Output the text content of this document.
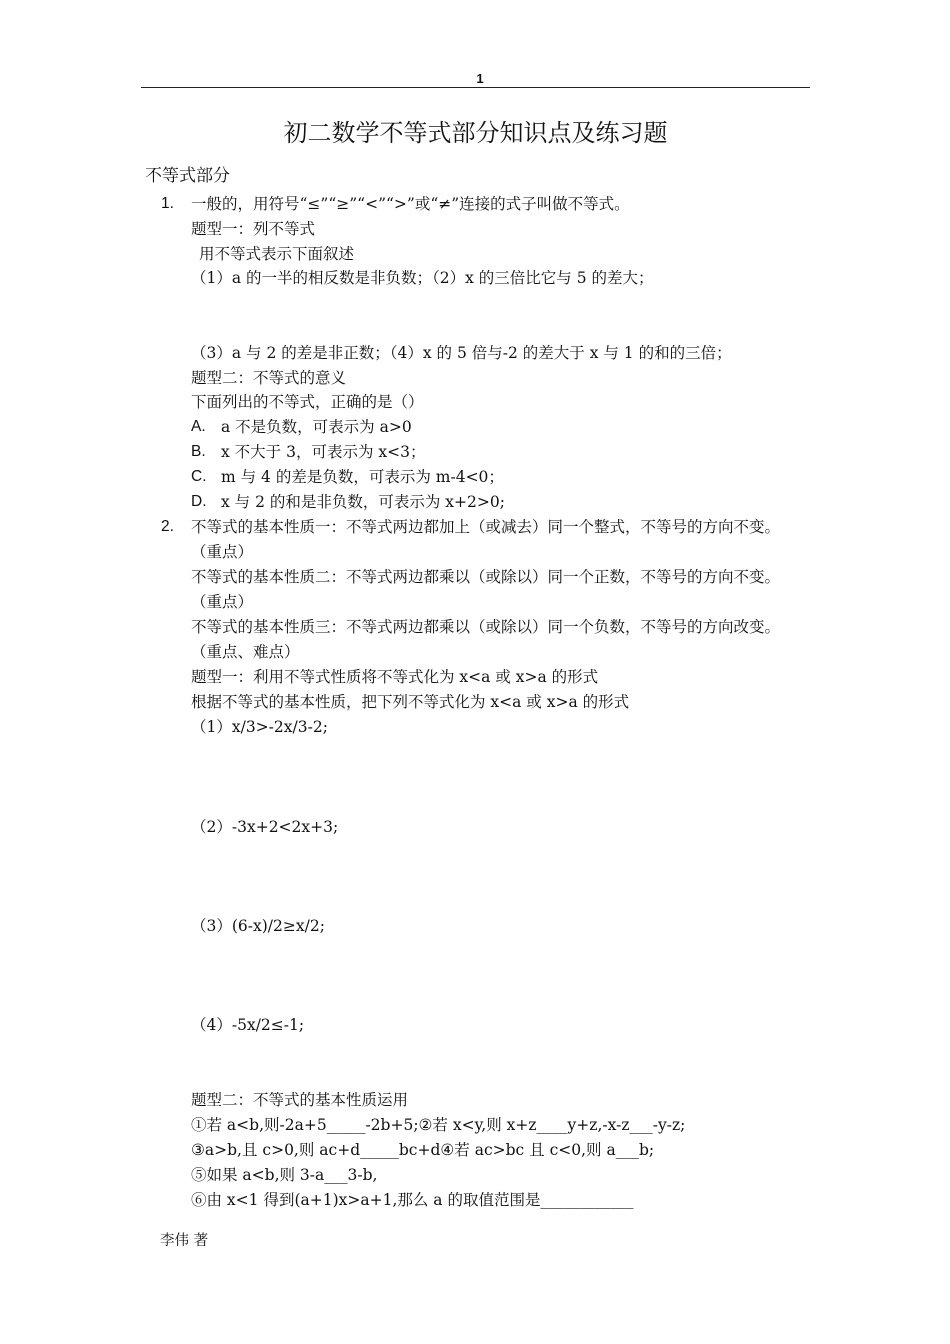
1
初二数学不等式部分知识点及练习题
不等式部分
1. 一般的，用符号“≤”“≥”“<”“>”或“≠”连接的式子叫做不等式。
题型一：列不等式
用不等式表示下面叙述
（1）a 的一半的相反数是非负数；（2）x 的三倍比它与 5 的差大；
（3）a 与 2 的差是非正数；（4）x 的 5 倍与-2 的差大于 x 与 1 的和的三倍；
题型二：不等式的意义
下面列出的不等式，正确的是（）
A. a 不是负数，可表示为 a>0
B. x 不大于 3，可表示为 x<3；
C. m 与 4 的差是负数，可表示为 m-4<0；
D. x 与 2 的和是非负数，可表示为 x+2>0;
2. 不等式的基本性质一：不等式两边都加上（或减去）同一个整式，不等号的方向不变。
（重点）
不等式的基本性质二：不等式两边都乘以（或除以）同一个正数，不等号的方向不变。
（重点）
不等式的基本性质三：不等式两边都乘以（或除以）同一个负数，不等号的方向改变。
（重点、难点）
题型一：利用不等式性质将不等式化为 x<a 或 x>a 的形式
根据不等式的基本性质，把下列不等式化为 x<a 或 x>a 的形式
（1）x/3>-2x/3-2;
（2）-3x+2<2x+3;
（3）(6-x)/2≥x/2;
（4）-5x/2≤-1;
题型二：不等式的基本性质运用
①若 a<b,则-2a+5_____-2b+5;②若 x<y,则 x+z____y+z,-x-z___-y-z;
③a>b,且 c>0,则 ac+d_____bc+d④若 ac>bc 且 c<0,则 a___b;
⑤如果 a<b,则 3-a___3-b,
⑥由 x<1 得到(a+1)x>a+1,那么 a 的取值范围是____________
李伟 著
